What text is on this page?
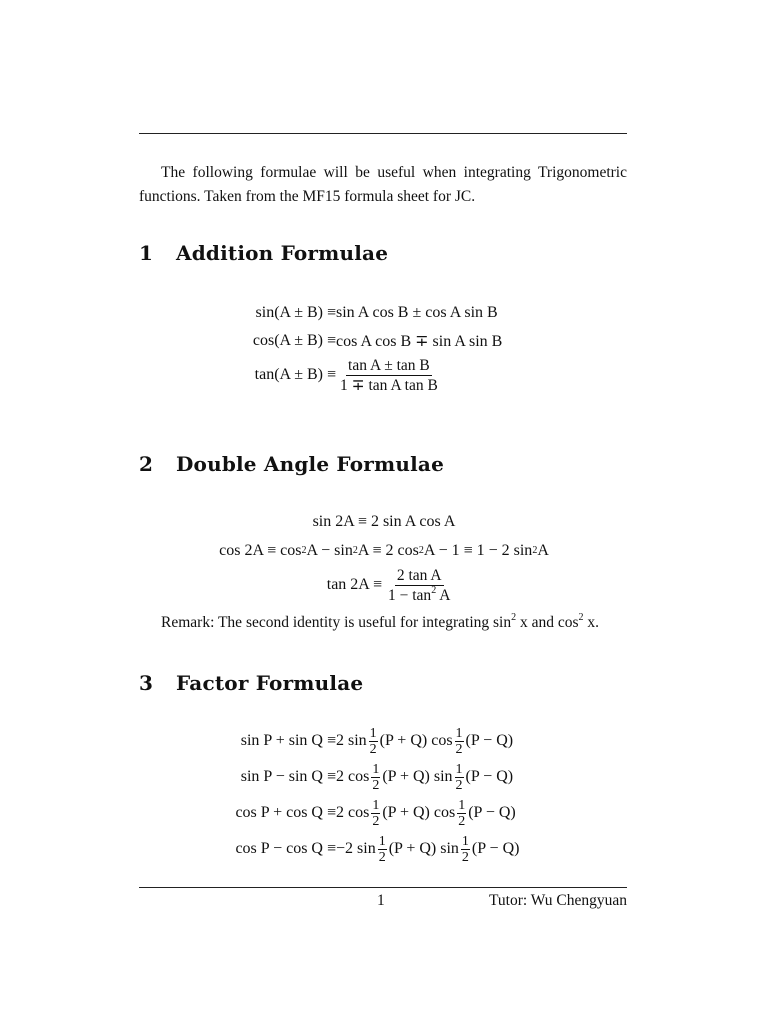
The following formulae will be useful when integrating Trigonometric functions. Taken from the MF15 formula sheet for JC.

1 Addition Formulae
sin(A ± B) ≡ sin A cos B ± cos A sin B
cos(A ± B) ≡ cos A cos B ∓ sin A sin B
$\tan(A \pm B) \equiv \frac{\text{tan A ± tan B}}{\text{1 ∓ tan A tan B}}$
2 Double Angle Formulae
sin 2A ≡ 2 sin A cos A
cos 2A ≡ cos 2 A − sin 2 A ≡ 2 cos 2 A − 1 ≡ 1 − 2 sin 2 A
$\tan 2A \equiv \frac{\text{2 tan A}}{1 - \tan^2 A}$

Remark: The second identity is useful for integrating $\sin^2 x$ and $\cos^2 x$.

3 Factor Formulae
sin P + sin Q ≡ 2 $\sin \frac{1}{2} (P + Q)$ $\cos \frac{1}{2} (P - Q)$
sin P − sin Q ≡ 2 $\cos \frac{1}{2} (P + Q)$ $\sin \frac{1}{2} (P - Q)$
cos P + cos Q ≡ 2 $\cos \frac{1}{2} (P + Q)$ $\cos \frac{1}{2} (P - Q)$
cos P − cos Q ≡ −2 $\sin \frac{1}{2} (P + Q)$ $\sin \frac{1}{2} (P - Q)$
1	Tutor: Wu Chengyuan
